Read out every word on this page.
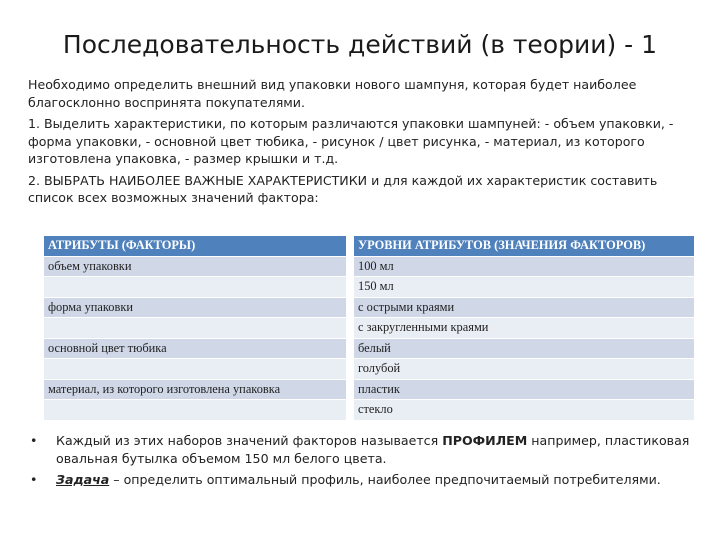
Последовательность действий (в теории) - 1

Необходимо определить внешний вид упаковки нового шампуня, которая будет наиболее благосклонно воспринята покупателями.

1. Выделить характеристики, по которым различаются упаковки шампуней: - объем упаковки, - форма упаковки, - основной цвет тюбика, - рисунок / цвет рисунка, - материал, из которого изготовлена упаковка, - размер крышки и т.д.

2. ВЫБРАТЬ НАИБОЛЕЕ ВАЖНЫЕ ХАРАКТЕРИСТИКИ и для каждой их характеристик составить список всех возможных значений фактора:

АТРИБУТЫ (ФАКТОРЫ)		УРОВНИ АТРИБУТОВ (ЗНАЧЕНИЯ ФАКТОРОВ)
объем упаковки		100 мл
		150 мл
форма упаковки		с острыми краями
		с закругленными краями
основной цвет тюбика		белый
		голубой
материал, из которого изготовлена упаковка		пластик
		стекло
• Каждый из этих наборов значений факторов называется ПРОФИЛЕМ например, пластиковая овальная бутылка объемом 150 мл белого цвета.
• Задача – определить оптимальный профиль, наиболее предпочитаемый потребителями.
